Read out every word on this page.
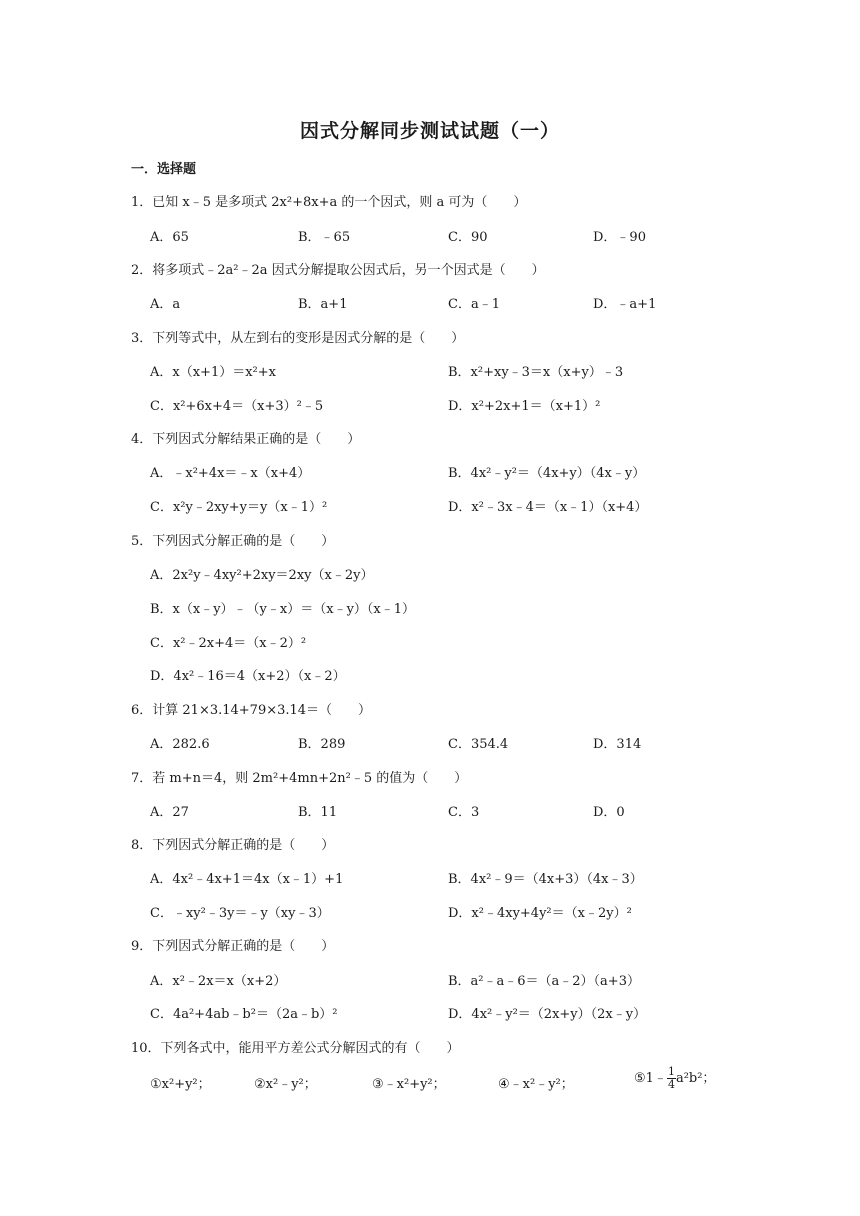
因式分解同步测试试题（一）
一．选择题
1．已知 x﹣5 是多项式 2x²+8x+a 的一个因式，则 a 可为（　　）
A．65	B．﹣65	C．90	D．﹣90
2．将多项式﹣2a²﹣2a 因式分解提取公因式后，另一个因式是（　　）
A．a	B．a+1	C．a﹣1	D．﹣a+1
3．下列等式中，从左到右的变形是因式分解的是（　　）
A．x（x+1）＝x²+x	B．x²+xy﹣3＝x（x+y）﹣3
C．x²+6x+4＝（x+3）²﹣5	D．x²+2x+1＝（x+1）²
4．下列因式分解结果正确的是（　　）
A．﹣x²+4x＝﹣x（x+4）	B．4x²﹣y²＝（4x+y）（4x﹣y）
C．x²y﹣2xy+y＝y（x﹣1）²	D．x²﹣3x﹣4＝（x﹣1）（x+4）
5．下列因式分解正确的是（　　）
A．2x²y﹣4xy²+2xy＝2xy（x﹣2y）
B．x（x﹣y）﹣（y﹣x）＝（x﹣y）（x﹣1）
C．x²﹣2x+4＝（x﹣2）²
D．4x²﹣16＝4（x+2）（x﹣2）
6．计算 21×3.14+79×3.14＝（　　）
A．282.6	B．289	C．354.4	D．314
7．若 m+n＝4，则 2m²+4mn+2n²﹣5 的值为（　　）
A．27	B．11	C．3	D．0
8．下列因式分解正确的是（　　）
A．4x²﹣4x+1＝4x（x﹣1）+1	B．4x²﹣9＝（4x+3）（4x﹣3）
C．﹣xy²﹣3y＝﹣y（xy﹣3）	D．x²﹣4xy+4y²＝（x﹣2y）²
9．下列因式分解正确的是（　　）
A．x²﹣2x＝x（x+2）	B．a²﹣a﹣6＝（a﹣2）（a+3）
C．4a²+4ab﹣b²＝（2a﹣b）²	D．4x²﹣y²＝（2x+y）（2x﹣y）
10．下列各式中，能用平方差公式分解因式的有（　　）
①x²+y²；	②x²﹣y²；	③﹣x²+y²；	④﹣x²﹣y²；	⑤1﹣ $\frac{1}{4} a^2b^2$；
